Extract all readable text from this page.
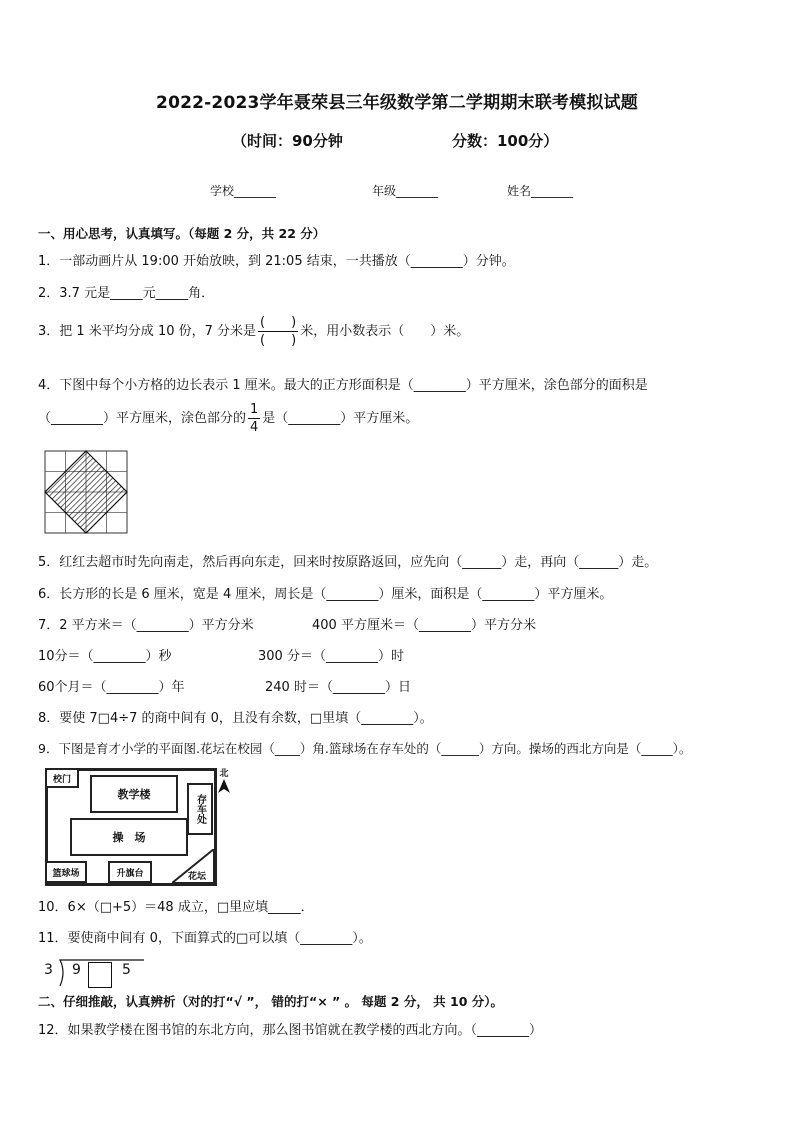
2022-2023学年聂荣县三年级数学第二学期期末联考模拟试题
（时间：90分钟	分数：100分）
学校_______	年级_______	姓名_______
一、用心思考，认真填写。（每题 2 分，共 22 分）
1．一部动画片从 19:00 开始放映，到 21:05 结束，一共播放（________）分钟。
2．3.7 元是_____元_____角．
3．把 1 米平均分成 10 份，7 分米是 $\frac{( )}{( )}$ 米，用小数表示（　　）米。
4．下图中每个小方格的边长表示 1 厘米。最大的正方形面积是（________）平方厘米，涂色部分的面积是
（________）平方厘米，涂色部分的 $\frac{1}{4}$ 是（________）平方厘米。
5．红红去超市时先向南走，然后再向东走，回来时按原路返回，应先向（______）走，再向（______）走。
6．长方形的长是 6 厘米，宽是 4 厘米，周长是（________）厘米，面积是（________）平方厘米。
7．2 平方米＝（________）平方分米	400 平方厘米＝（________）平方分米
10分＝（________）秒	300 分＝（________）时
60个月＝（________）年	240 时＝（________）日
8．要使 7□4÷7 的商中间有 0，且没有余数，□里填（________）。
9．下图是育才小学的平面图.花坛在校园（____）角.篮球场在存车处的（______）方向。操场的西北方向是（_____）。
校门
教学楼	存车处
操　场
篮球场	升旗台	花坛
北
10．6×（□+5）＝48 成立，□里应填_____．
11．要使商中间有 0，下面算式的□可以填（________）。
3 9	5
二、仔细推敲，认真辨析（对的打“√ ”， 错的打“× ” 。 每题 2 分， 共 10 分）。
12．如果教学楼在图书馆的东北方向，那么图书馆就在教学楼的西北方向。（________）
